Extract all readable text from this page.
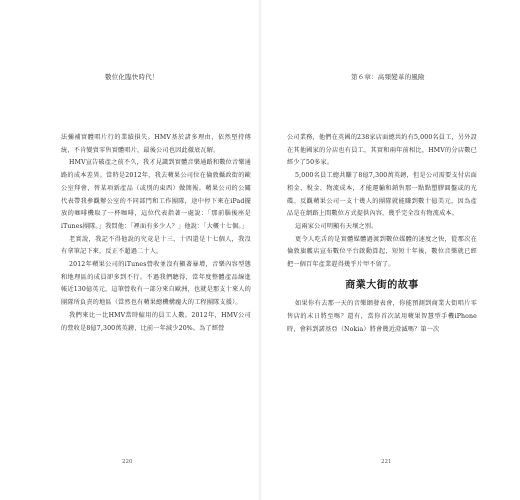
數位化臨快時代！

法彌補實體唱片行的業績損失。HMV基於諸多理由，依然堅持傳統，不肯變賣零售實體唱片，最後公司也因此徹底瓦解。

HMV宣告破產之前不久，我才見識到實體音樂通路和數位音樂通路的成本差異。當時是2012年，我去蘋果公司位在倫敦攝政街的歐公室拜會，替某項新產品（或別的東西）做簡報。蘋果公司的公關代表帶我參觀辦公室的不同部門和工作團隊，途中停下來在iPad擺放的咖啡機取了一杯咖啡，這位代表指著一處說：「那前腦後座是iTunes團隊。」我問他：「裡面有多少人？」他說：「大概十七個。」

老實說，我記不得他說的究竟是十三、十四還是十七個人，我沒有拿筆記下來，反正不超過二十人。

2012年蘋果公司的iTunes營收並沒有顯著暴增，音樂內容型態和地理區的成員卻多到不行。不過我們聽得，當年度整體產品線進帳近130億英元，這筆營收有一部分來自歐洲，也就是那支十來人的團隊所負責的地區（當然也有蘋果總機構龐大的工程團隊支援）。

我們來比一比HMV當時僱用的員工人數。2012年，HMV公司的營收是8億7,300萬英鎊，比前一年減少20%。為了經營

220
第６章：高頻變革的風險

公司業務，他們在英國的238家店面總共約有5,000名員工，另外設在其他國家的分店也有員工，其實和兩年前相比，HMV的分店數已經少了50多家。

5,000名員工總共賺了8億7,300萬英鎊，但是公司需要支付店面租金、稅金、物流成本，才能運輸和銷售那一點點塑膠圓盤或的光碟。反觀蘋果公司一支十幾人的團隊就能賺到數十億美元，因為產品是在網路上間數位方式提供內容，幾乎完全沒有物流成本。

這兩家公司明顯有天壤之別。

更令人吃舌的是實體媒體過渡到數位媒體的速度之快，從那次在倫敦旗艦店宣布數位平台啟動算起，短短十年後，數位音樂就已經把一個百年產業趕得幾乎片甲不留了。

商業大街的故事

如果你有去那一天的音樂網發表會，你能預測到商業大街唱片零售店的末日將至嗎？還有，當你首次試用蘋果智慧型手機iPhone時，會料到諾基亞（Nokia）將會幾近澄滅嗎？第一次

221
